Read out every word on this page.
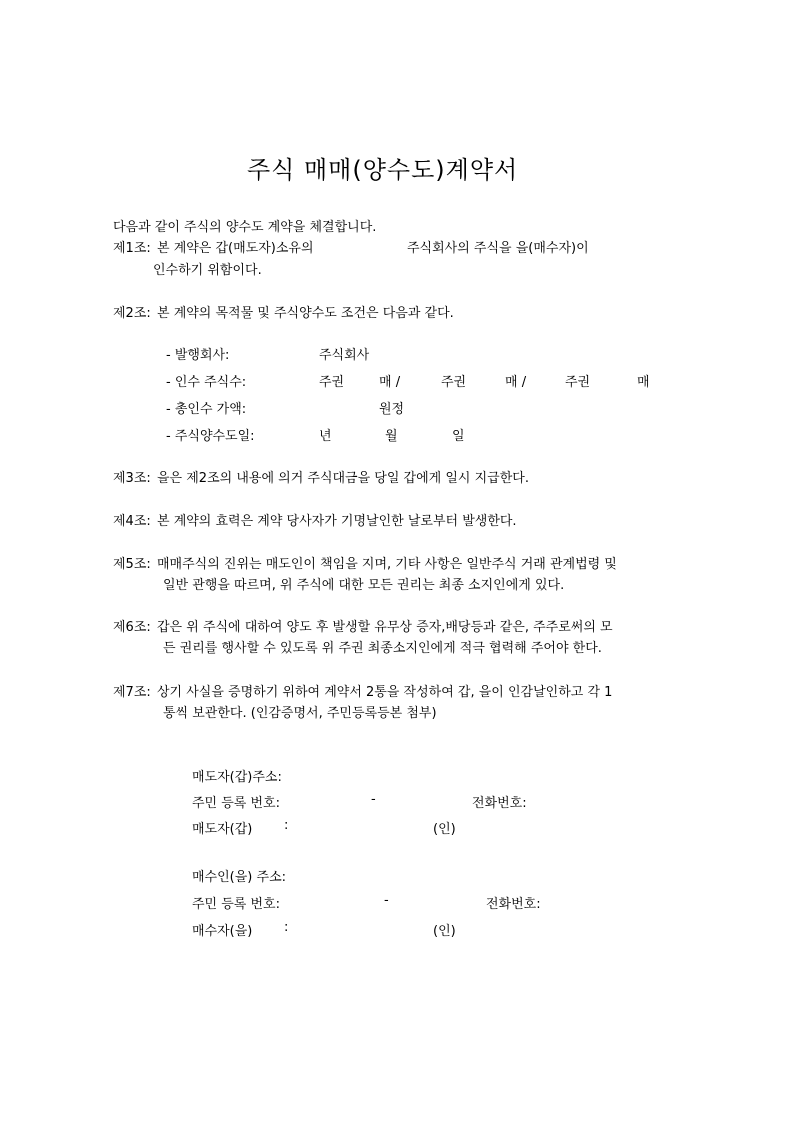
주식 매매(양수도)계약서
다음과 같이 주식의 양수도 계약을 체결합니다.
제1조: 본 계약은 갑(매도자)소유의	주식회사의 주식을 을(매수자)이
인수하기 위함이다.
제2조: 본 계약의 목적물 및 주식양수도 조건은 다음과 같다.
- 발행회사:	주식회사
- 인수 주식수:	주권	매 /	주권	매 /	주권	매
- 총인수 가액:	원정
- 주식양수도일:	년	월	일
제3조: 을은 제2조의 내용에 의거 주식대금을 당일 갑에게 일시 지급한다.
제4조: 본 계약의 효력은 계약 당사자가 기명날인한 날로부터 발생한다.
제5조: 매매주식의 진위는 매도인이 책임을 지며, 기타 사항은 일반주식 거래 관계법령 및
일반 관행을 따르며, 위 주식에 대한 모든 권리는 최종 소지인에게 있다.
제6조: 갑은 위 주식에 대하여 양도 후 발생할 유무상 증자,배당등과 같은, 주주로써의 모
든 권리를 행사할 수 있도록 위 주권 최종소지인에게 적극 협력해 주어야 한다.
제7조: 상기 사실을 증명하기 위하여 계약서 2통을 작성하여 갑, 을이 인감날인하고 각 1
통씩 보관한다. (인감증명서, 주민등록등본 첨부)
매도자(갑)주소:
주민 등록 번호:	-	전화번호:
매도자(갑) :	(인)
매수인(을) 주소:
주민 등록 번호:	-	전화번호:
매수자(을) :	(인)
